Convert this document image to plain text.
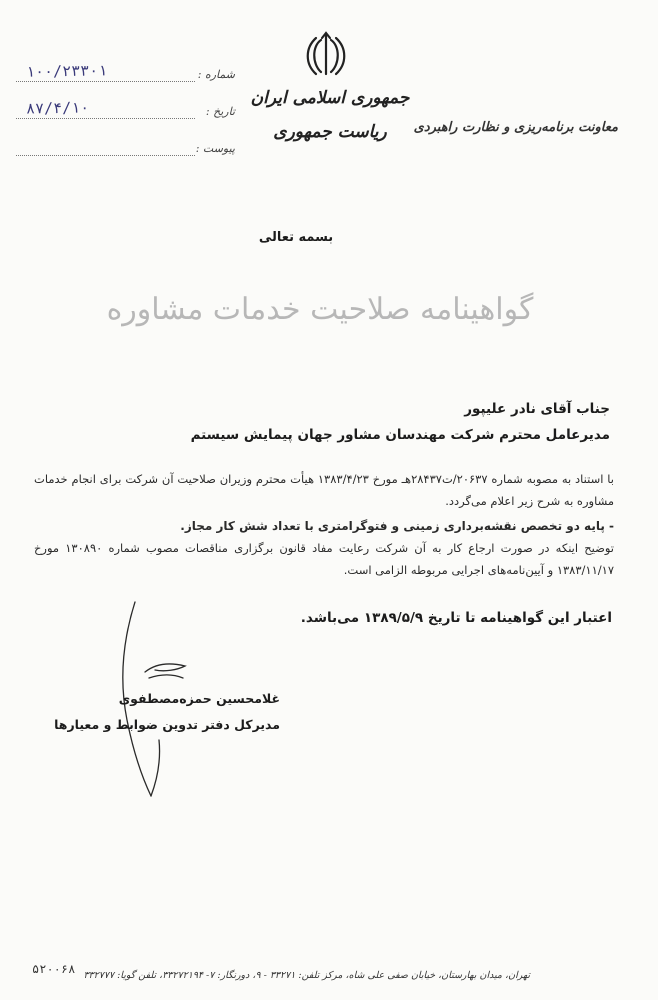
جمهوری اسلامی ایران
ریاست جمهوری	معاونت برنامه‌ریزی و نظارت راهبردی
شماره :
۱۰۰/۲۳۳۰۱
تاریخ :
۸۷/۴/۱۰
پیوست :
بسمه تعالی
گواهینامه صلاحیت خدمات مشاوره
جناب آقای نادر علیپور
مدیرعامل محترم شرکت مهندسان مشاور جهان پیمایش سیستم
با استناد به مصوبه شماره ۲۰۶۳۷/ت۲۸۴۳۷هـ مورخ ۱۳۸۳/۴/۲۳ هیأت محترم وزیران صلاحیت آن شرکت برای انجام خدمات مشاوره به شرح زیر اعلام می‌گردد.
- پایه دو تخصص نقشه‌برداری زمینی و فتوگرامتری با تعداد شش کار مجاز.
توضیح اینکه در صورت ارجاع کار به آن شرکت رعایت مفاد قانون برگزاری مناقصات مصوب شماره ۱۳۰۸۹۰ مورخ ۱۳۸۳/۱۱/۱۷ و آیین‌نامه‌های اجرایی مربوطه الزامی است.
اعتبار این گواهینامه تا تاریخ ۱۳۸۹/۵/۹ می‌باشد.
غلامحسین حمزه‌مصطفوی
مدیرکل دفتر تدوین ضوابط و معیارها
۵۲۰۰۶۸ تهران، میدان بهارستان، خیابان صفی علی شاه، مرکز تلفن: ۳۳۲۷۱ - ۹، دورنگار: ۷- ۳۳۲۷۲۱۹۴، تلفن گویا: ۳۳۲۷۷۷
